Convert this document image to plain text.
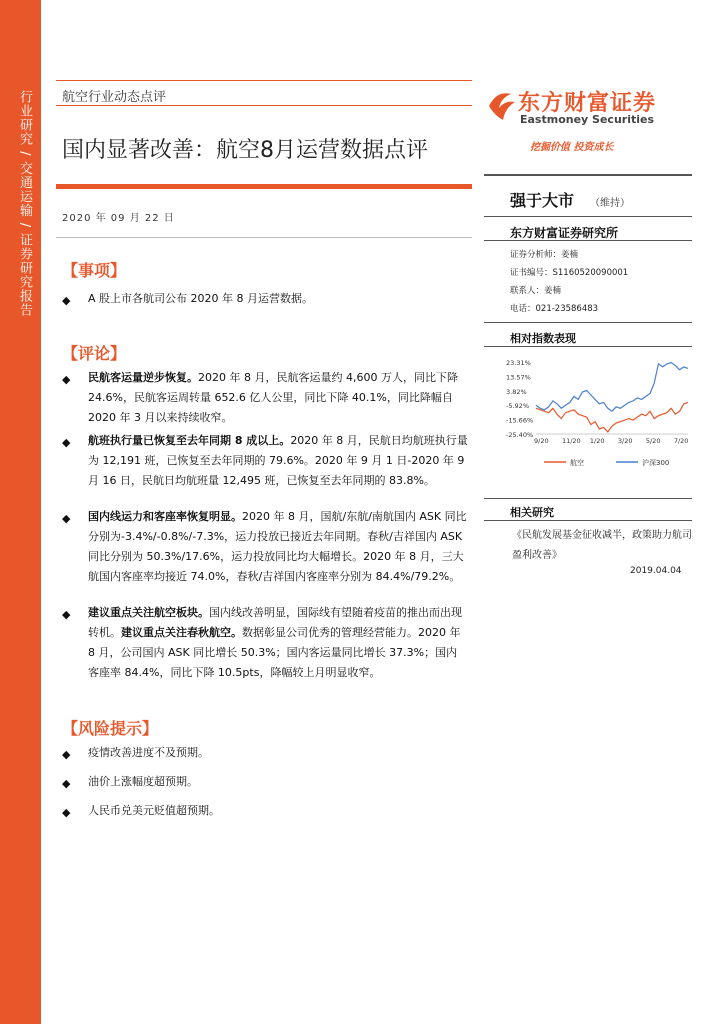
行业研究 / 交通运输 / 证券研究报告 航空行业动态点评
国内显著改善：航空8月运营数据点评
2020 年 09 月 22 日
【事项】
◆ A 股上市各航司公布 2020 年 8 月运营数据。
【评论】
◆ 民航客运量逆步恢复。2020 年 8 月，民航客运量约 4,600 万人，同比下降 24.6%，民航客运周转量 652.6 亿人公里，同比下降 40.1%，同比降幅自 2020 年 3 月以来持续收窄。
◆ 航班执行量已恢复至去年同期 8 成以上。2020 年 8 月，民航日均航班执行量为 12,191 班，已恢复至去年同期的 79.6%。2020 年 9 月 1 日-2020 年 9 月 16 日，民航日均航班量 12,495 班，已恢复至去年同期的 83.8%。
◆ 国内线运力和客座率恢复明显。2020 年 8 月，国航/东航/南航国内 ASK 同比分别为-3.4%/-0.8%/-7.3%，运力投放已接近去年同期。春秋/吉祥国内 ASK 同比分别为 50.3%/17.6%，运力投放同比均大幅增长。2020 年 8 月，三大航国内客座率均接近 74.0%，春秋/吉祥国内客座率分别为 84.4%/79.2%。
◆ 建议重点关注航空板块。国内线改善明显，国际线有望随着疫苗的推出而出现转机。建议重点关注春秋航空。数据彰显公司优秀的管理经营能力。2020 年 8 月，公司国内 ASK 同比增长 50.3%；国内客运量同比增长 37.3%；国内客座率 84.4%，同比下降 10.5pts，降幅较上月明显收窄。
【风险提示】
◆ 疫情改善进度不及预期。
◆ 油价上涨幅度超预期。
◆ 人民币兑美元贬值超预期。
东方财富证券
Eastmoney Securities
挖掘价值 投资成长
强于大市 （维持）
东方财富证券研究所
证券分析师：姜楠
证书编号：S1160520090001
联系人：姜楠
电话：021-23586483
相对指数表现
23.31%
13.57%
3.82%
-5.92%
-15.66%
-25.40%
9/20 11/20 1/20 3/20 5/20 7/20
航空	沪深300
相关研究
《民航发展基金征收减半，政策助力航司盈利改善》
2019.04.04
